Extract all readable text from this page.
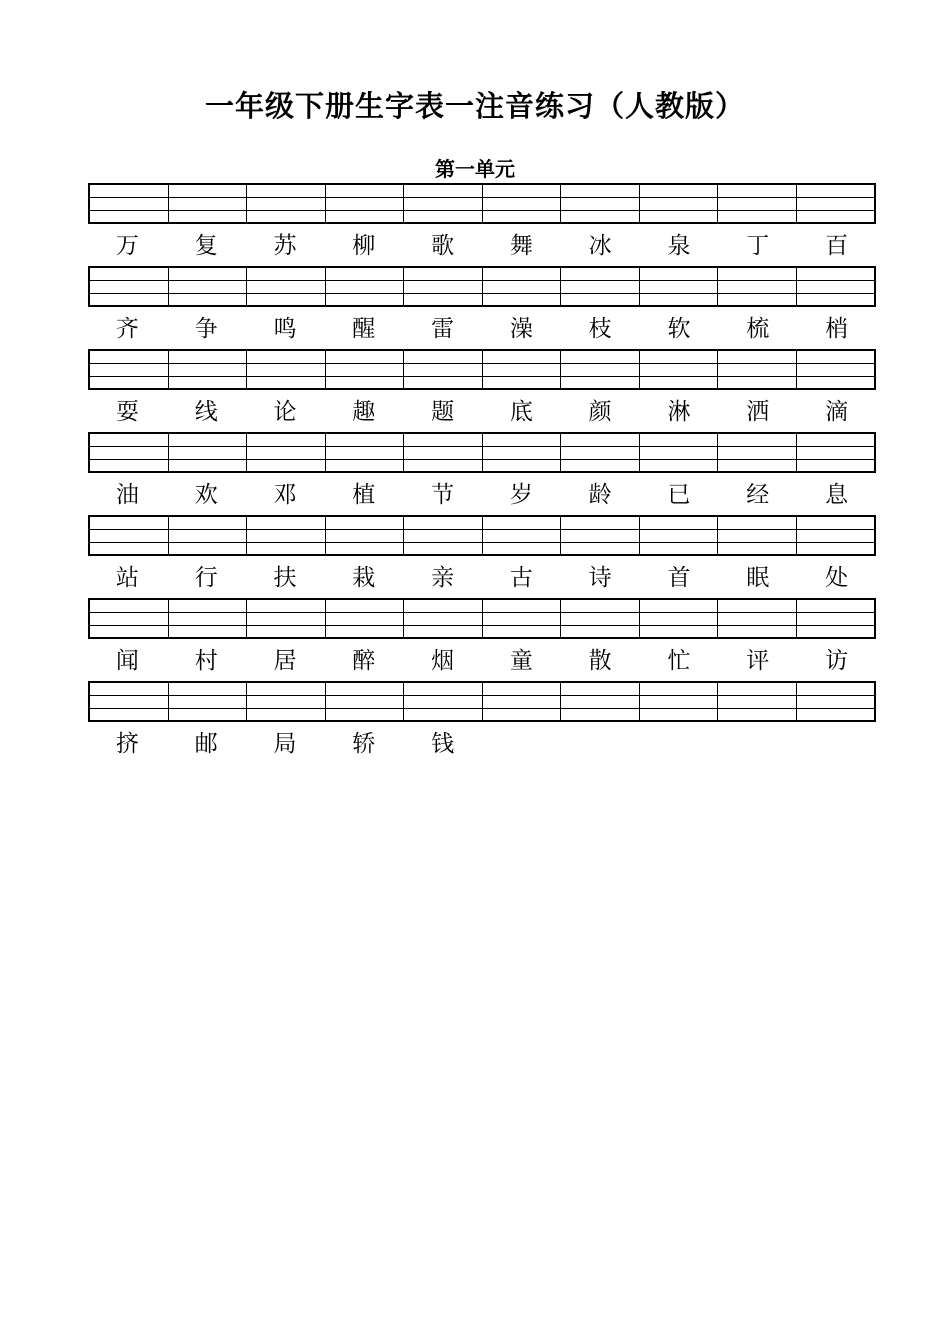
一年级下册生字表一注音练习（人教版）
第一单元
万	复	苏	柳	歌	舞	冰	泉	丁	百
齐	争	鸣	醒	雷	澡	枝	软	梳	梢
耍	线	论	趣	题	底	颜	淋	洒	滴
油	欢	邓	植	节	岁	龄	已	经	息
站	行	扶	栽	亲	古	诗	首	眠	处
闻	村	居	醉	烟	童	散	忙	评	访
挤	邮	局	轿	钱
